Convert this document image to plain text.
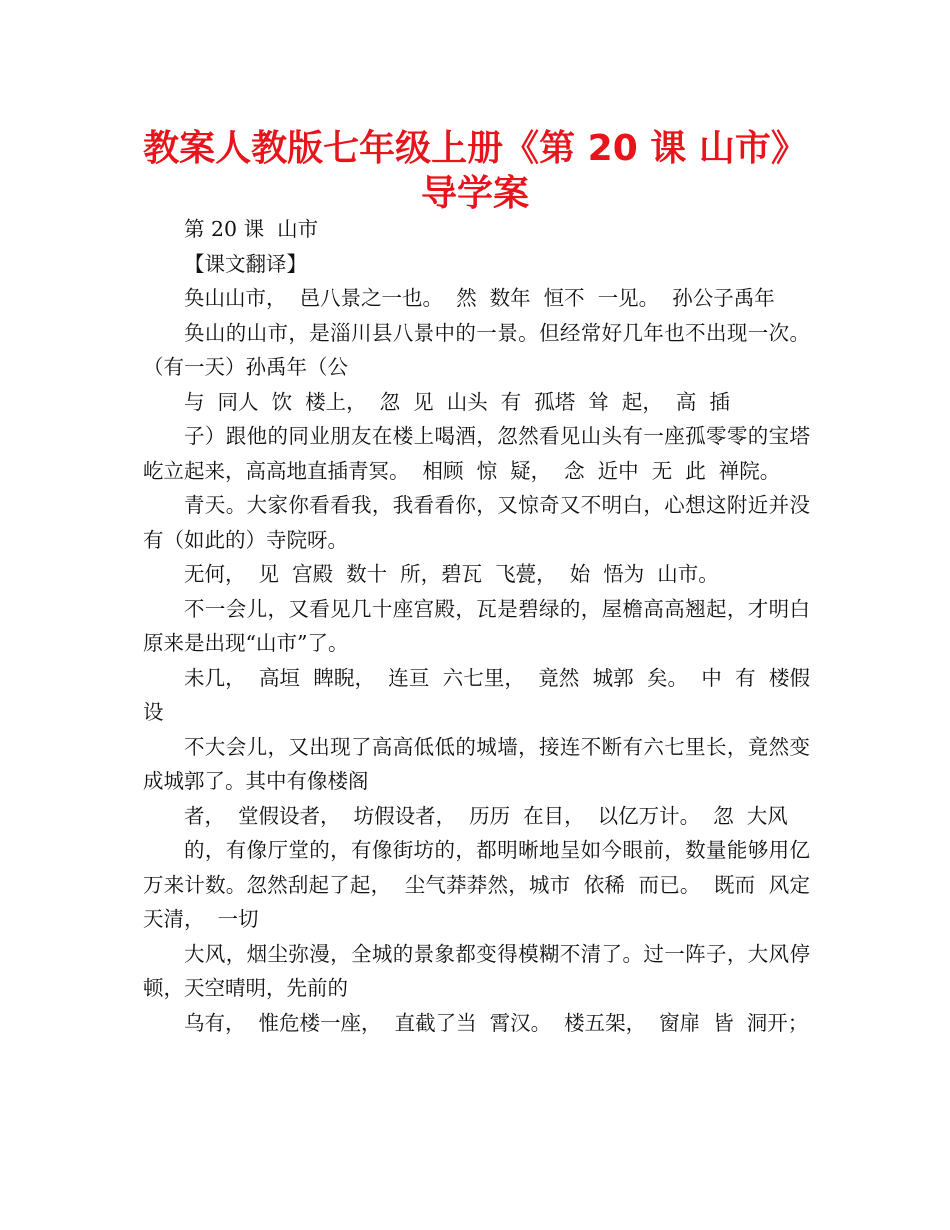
教案人教版七年级上册《第 20 课 山市》
导学案

第 20 课  山市

【课文翻译】

奂山山市，  邑八景之一也。  然  数年  恒不  一见。  孙公子禹年

奂山的山市，是淄川县八景中的一景。但经常好几年也不出现一次。（有一天）孙禹年（公

与  同人  饮  楼上，  忽  见  山头  有  孤塔  耸  起，  高  插

子）跟他的同业朋友在楼上喝酒，忽然看见山头有一座孤零零的宝塔屹立起来，高高地直插青冥。  相顾  惊  疑，  念  近中  无  此  禅院。

青天。大家你看看我，我看看你，又惊奇又不明白，心想这附近并没有（如此的）寺院呀。

无何，  见  宫殿  数十  所，碧瓦  飞甍，  始  悟为  山市。

不一会儿，又看见几十座宫殿，瓦是碧绿的，屋檐高高翘起，才明白原来是出现“山市”了。

未几，  高垣  睥睨，  连亘  六七里，  竟然  城郭  矣。  中  有  楼假设

不大会儿，又出现了高高低低的城墙，接连不断有六七里长，竟然变成城郭了。其中有像楼阁

者，  堂假设者，  坊假设者，  历历  在目，  以亿万计。  忽  大风

的，有像厅堂的，有像街坊的，都明晰地呈如今眼前，数量能够用亿万来计数。忽然刮起了起，  尘气莽莽然，城市  依稀  而已。  既而  风定  天清，  一切

大风，烟尘弥漫，全城的景象都变得模糊不清了。过一阵子，大风停顿，天空晴明，先前的

乌有，  惟危楼一座，  直截了当  霄汉。  楼五架，  窗扉  皆  洞开；
